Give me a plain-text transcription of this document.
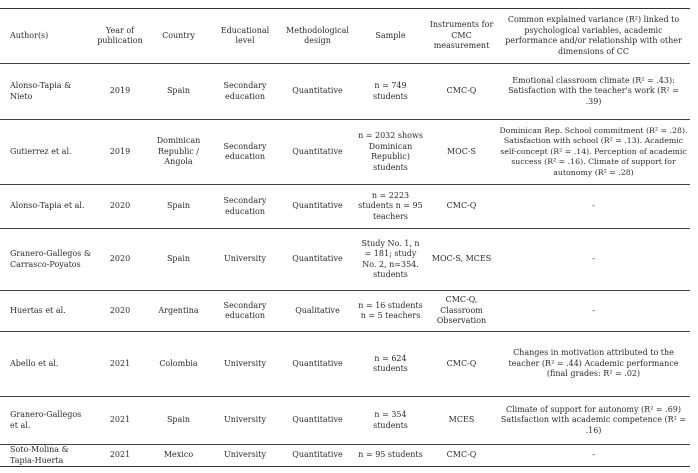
Author(s)	Year of publication	Country	Educational level	Methodological design	Sample	Instruments for CMC measurement	Common explained variance (R²) linked to psychological variables, academic performance and/or relationship with other dimensions of CC
Alonso-Tapia & Nieto	2019	Spain	Secondary education	Quantitative	n = 749 students	CMC-Q	Emotional classroom climate (R² = .43): Satisfaction with the teacher's work (R² = .39)
Gutierrez et al.	2019	Dominican Republic / Angola	Secondary education	Quantitative	n = 2032 shows Dominican Republic) students	MOC-S	Dominican Rep. School commitment (R² = .28). Satisfaction with school (R² = .13). Academic self-concept (R² = .14). Perception of academic success (R² = .16). Climate of support for autonomy (R² = .28)
Alonso-Tapia et al.	2020	Spain	Secondary education	Quantitative	n = 2223 students n = 95 teachers	CMC-Q	-
Granero-Gallegos & Carrasco-Poyatos	2020	Spain	University	Quantitative	Study No. 1, n = 181; study No. 2, n=354. students	MOC-S, MCES	-
Huertas et al.	2020	Argentina	Secondary education	Qualitative	n = 16 students n = 5 teachers	CMC-Q, Classroom Observation	-
Abello et al.	2021	Colombia	University	Quantitative	n = 624 students	CMC-Q	Changes in motivation attributed to the teacher (R² = .44) Academic performance (final grades: R² = .02)
Granero-Gallegos et al.	2021	Spain	University	Quantitative	n = 354 students	MCES	Climate of support for autonomy (R² = .69) Satisfaction with academic competence (R² = .16)
Soto-Molina & Tapia-Huerta	2021	Mexico	University	Quantitative	n = 95 students	CMC-Q	-
